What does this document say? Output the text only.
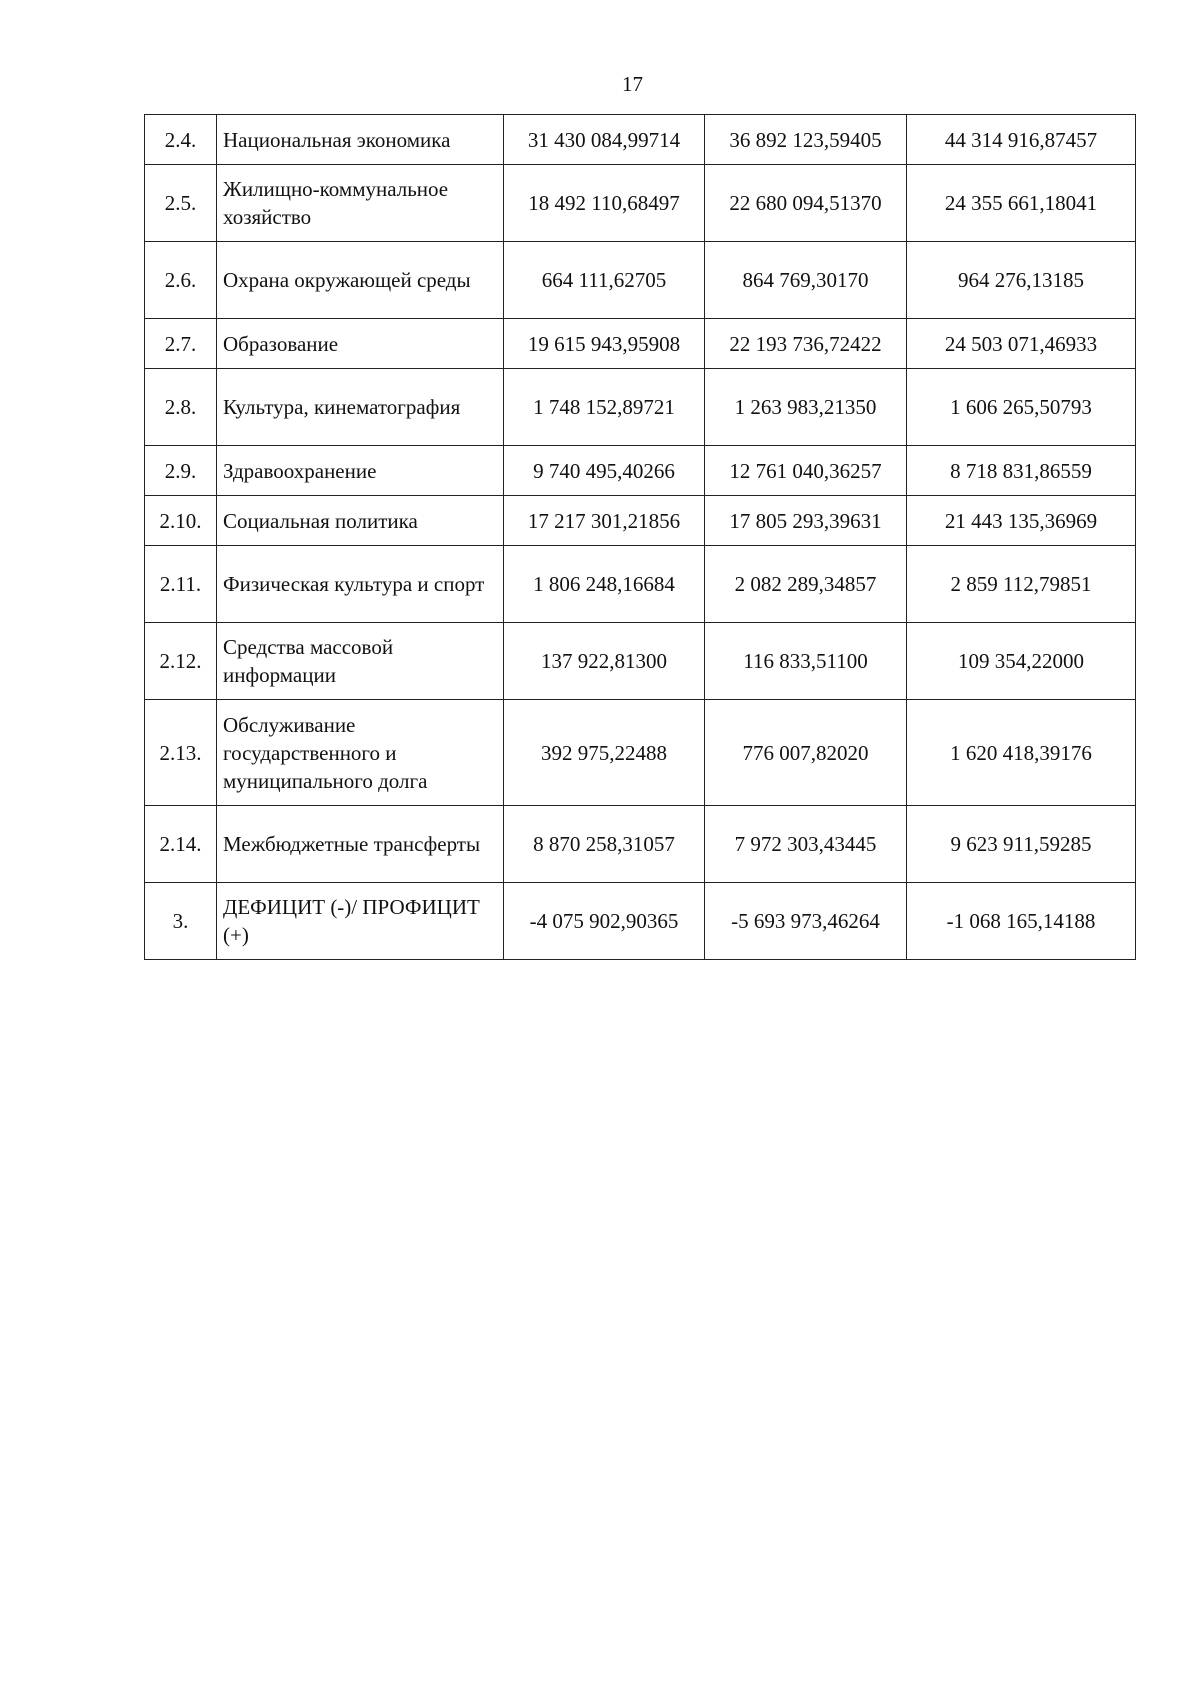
17
2.4.	Национальная экономика	31 430 084,99714	36 892 123,59405	44 314 916,87457
2.5.	Жилищно-коммунальное хозяйство	18 492 110,68497	22 680 094,51370	24 355 661,18041
2.6.	Охрана окружающей среды	664 111,62705	864 769,30170	964 276,13185
2.7.	Образование	19 615 943,95908	22 193 736,72422	24 503 071,46933
2.8.	Культура, кинематография	1 748 152,89721	1 263 983,21350	1 606 265,50793
2.9.	Здравоохранение	9 740 495,40266	12 761 040,36257	8 718 831,86559
2.10.	Социальная политика	17 217 301,21856	17 805 293,39631	21 443 135,36969
2.11.	Физическая культура и спорт	1 806 248,16684	2 082 289,34857	2 859 112,79851
2.12.	Средства массовой информации	137 922,81300	116 833,51100	109 354,22000
2.13.	Обслуживание государственного и муниципального долга	392 975,22488	776 007,82020	1 620 418,39176
2.14.	Межбюджетные трансферты	8 870 258,31057	7 972 303,43445	9 623 911,59285
3.	ДЕФИЦИТ (-)/ ПРОФИЦИТ (+)	-4 075 902,90365	-5 693 973,46264	-1 068 165,14188
